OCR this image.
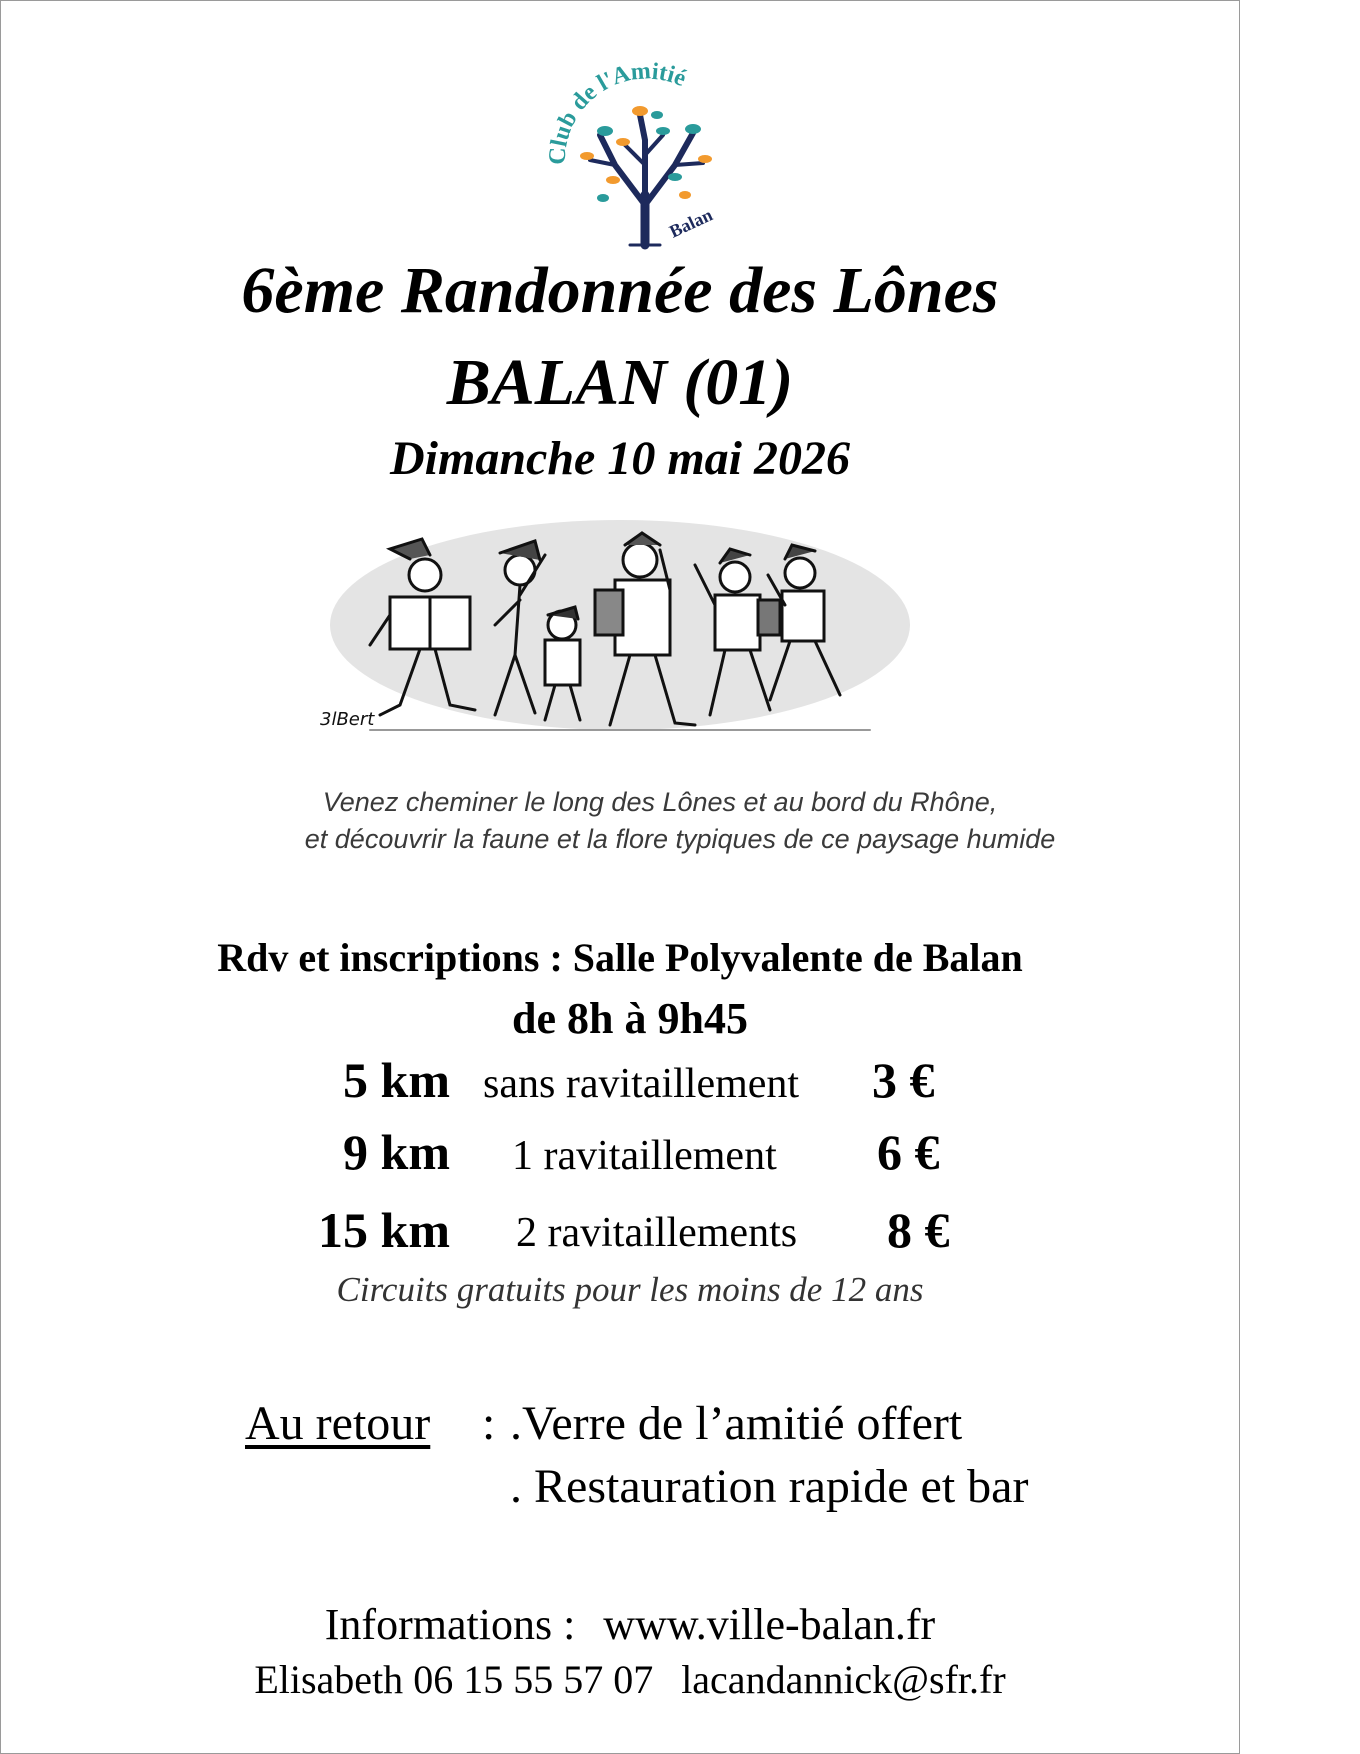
Club de l'Amitié
Balan
6ème Randonnée des Lônes
BALAN (01)
Dimanche 10 mai 2026
3lBert
Venez cheminer le long des Lônes et au bord du Rhône,
et découvrir la faune et la flore typiques de ce paysage humide
Rdv et inscriptions : Salle Polyvalente de Balan
de 8h à 9h45
5 km sans ravitaillement 3 €
9 km 1 ravitaillement 6 €
15 km 2 ravitaillements 8 €
Circuits gratuits pour les moins de 12 ans
Au retour : .Verre de l’amitié offert
. Restauration rapide et bar
Informations : www.ville-balan.fr
Elisabeth 06 15 55 57 07 lacandannick@sfr.fr
